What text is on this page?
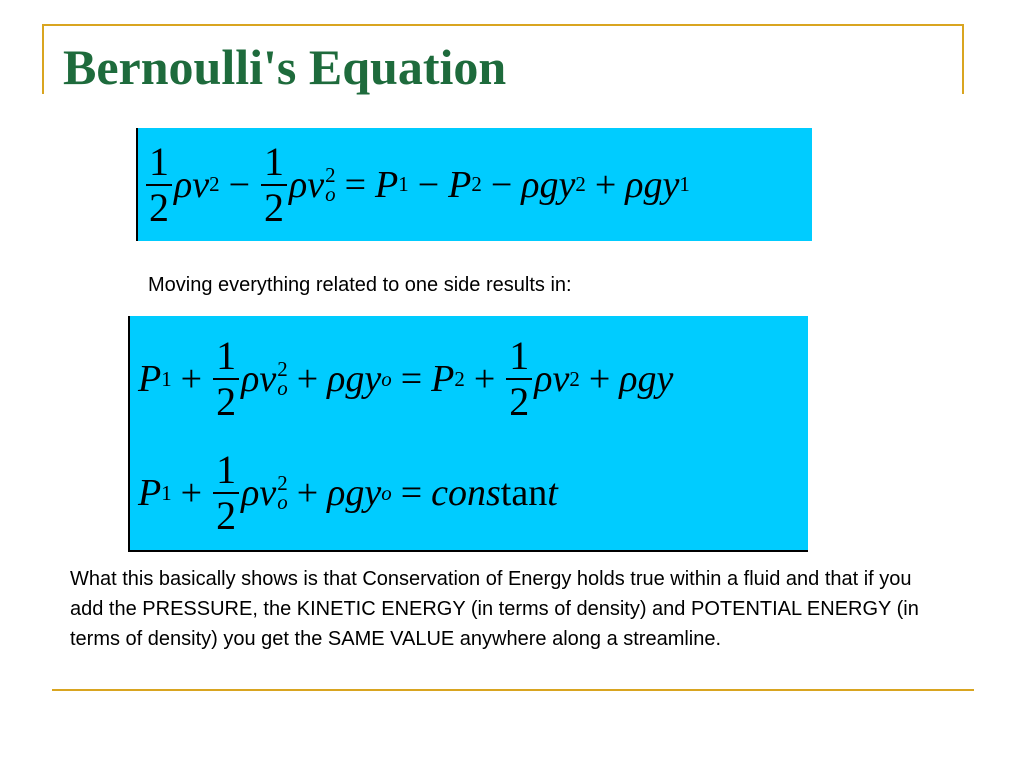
Bernoulli's Equation
$\frac{1}{2}$ ρ v $2 - \frac{1}{2}$ ρ v 2
o = P 1 − P 2 − ρ g y 2 + ρ g y 1

Moving everything related to one side results in:

P $1 + \frac{1}{2}$ ρ v 2
o + ρ g y o = P $2 + \frac{1}{2}$ ρ v 2 + ρ g y
P $1 + \frac{1}{2}$ ρ v 2
o + ρ g y o = cons tan t

What this basically shows is that Conservation of Energy holds true within a fluid and that if you add the PRESSURE, the KINETIC ENERGY (in terms of density) and POTENTIAL ENERGY (in terms of density) you get the SAME VALUE anywhere along a streamline.
